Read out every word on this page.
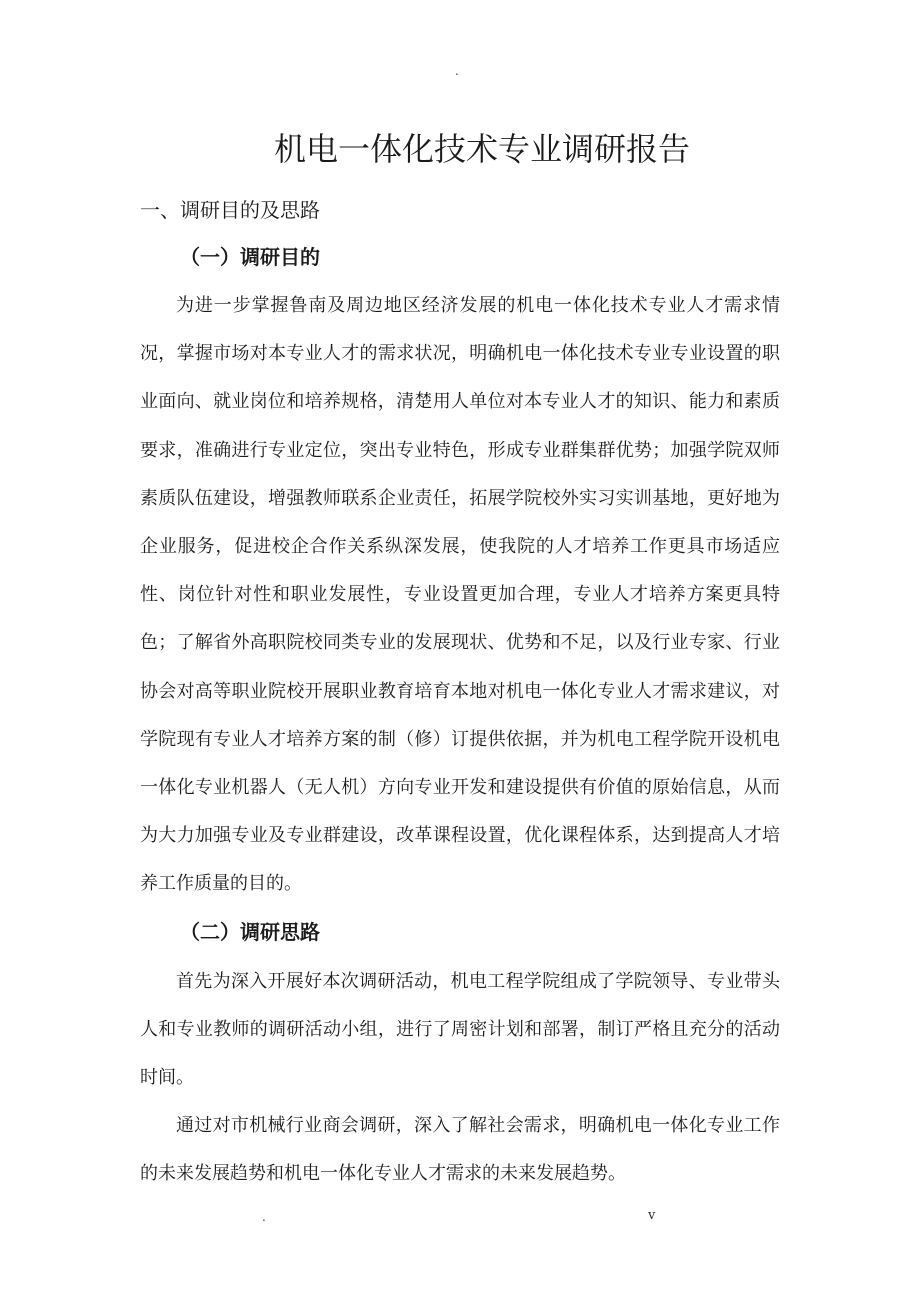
.
机电一体化技术专业调研报告
一、调研目的及思路
（一）调研目的

为进一步掌握鲁南及周边地区经济发展的机电一体化技术专业人才需求情况，掌握市场对本专业人才的需求状况，明确机电一体化技术专业专业设置的职业面向、就业岗位和培养规格，清楚用人单位对本专业人才的知识、能力和素质要求，准确进行专业定位，突出专业特色，形成专业群集群优势；加强学院双师素质队伍建设，增强教师联系企业责任，拓展学院校外实习实训基地，更好地为企业服务，促进校企合作关系纵深发展，使我院的人才培养工作更具市场适应性、岗位针对性和职业发展性，专业设置更加合理，专业人才培养方案更具特色；了解省外高职院校同类专业的发展现状、优势和不足，以及行业专家、行业协会对高等职业院校开展职业教育培育本地对机电一体化专业人才需求建议，对学院现有专业人才培养方案的制（修）订提供依据，并为机电工程学院开设机电一体化专业机器人（无人机）方向专业开发和建设提供有价值的原始信息，从而为大力加强专业及专业群建设，改革课程设置，优化课程体系，达到提高人才培养工作质量的目的。

（二）调研思路

首先为深入开展好本次调研活动，机电工程学院组成了学院领导、专业带头人和专业教师的调研活动小组，进行了周密计划和部署，制订严格且充分的活动时间。

通过对市机械行业商会调研，深入了解社会需求，明确机电一体化专业工作的未来发展趋势和机电一体化专业人才需求的未来发展趋势。

.	v
